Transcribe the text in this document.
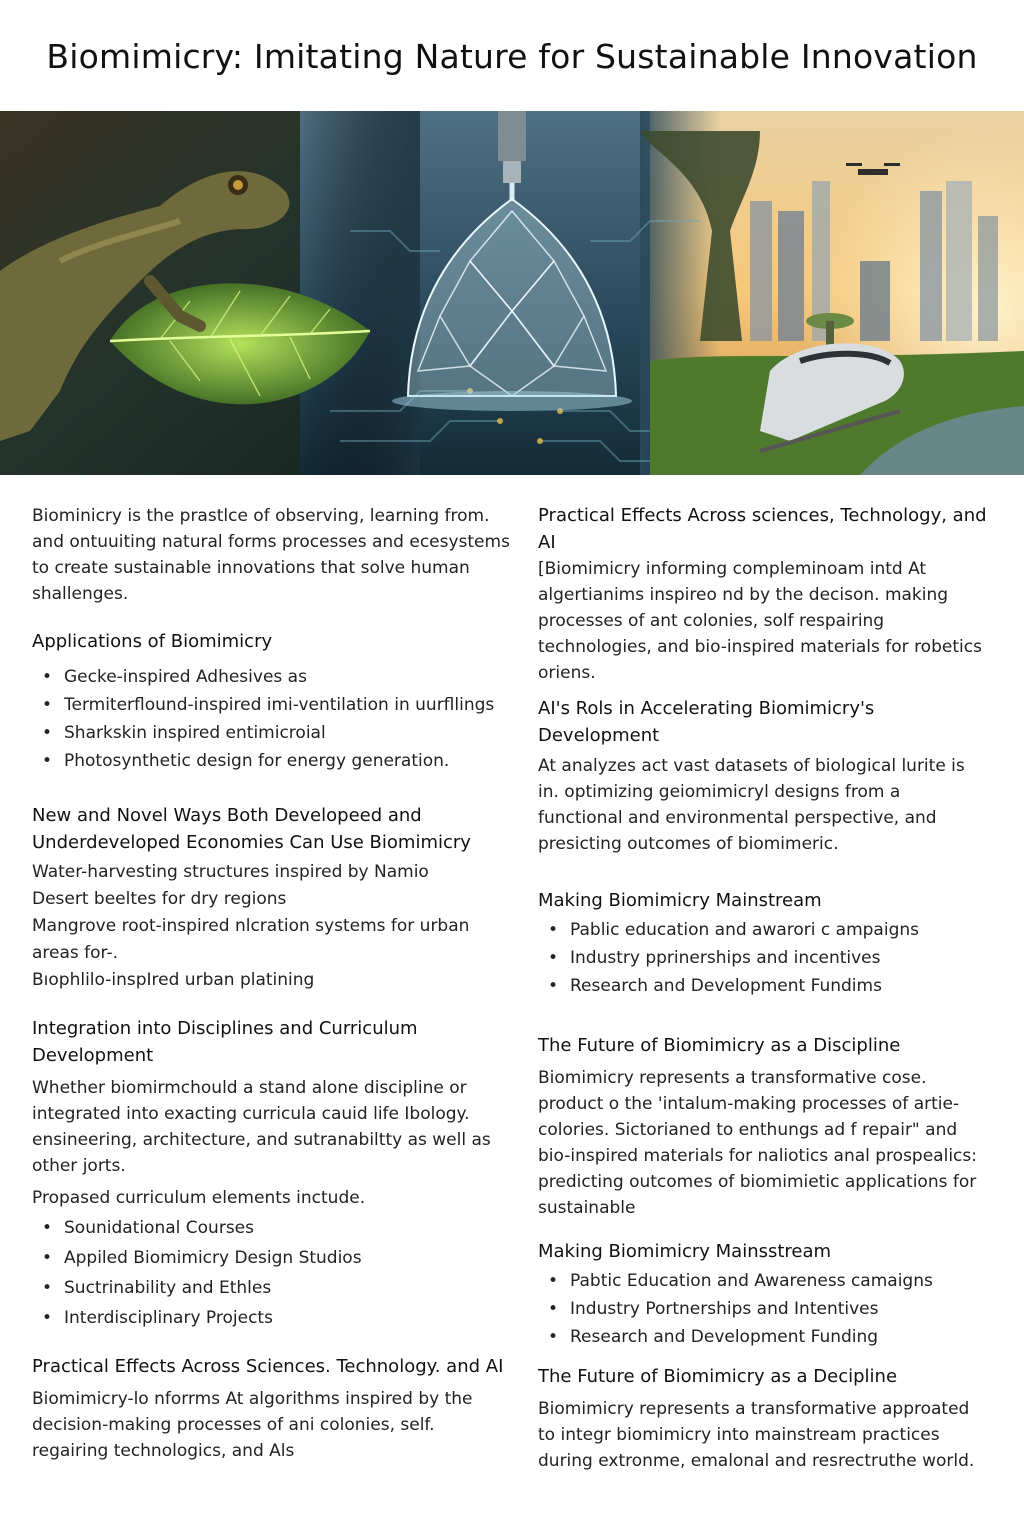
Biomimicry: Imitating Nature for Sustainable Innovation

Biominicry is the prastlce of observing, learning from. and ontuuiting natural forms processes and ecesystems to create sustainable innovations that solve human shallenges.

Applications of Biomimicry
• Gecke-inspired Adhesives as
• Termiterflound-inspired imi-ventilation in uurfllings
• Sharkskin inspired entimicroial
• Photosynthetic design for energy generation.
New and Novel Ways Both Developeed and Underdeveloped Economies Can Use Biomimicry

Water-harvesting structures inspired by Namio

Desert beeltes for dry regions

Mangrove root-inspired nlcration systems for urban areas for-.

Bıophlilo-inspIred urban platining

Integration into Disciplines and Curriculum Development

Whether biomirmchould a stand alone discipline or integrated into exacting curricula cauid life Ibology. ensineering, architecture, and sutranabiltty as well as other jorts.

Propased curriculum elements inctude.

• Sounidational Courses
• Appiled Biomimicry Design Studios
• Suctrinability and Ethles
• Interdisciplinary Projects
Practical Effects Across Sciences. Technology. and AI

Biomimicry-lo nforrms At algorithms inspired by the decision-making processes of ani colonies, self. regairing technologics, and Als

Practical Effects Across sciences, Technology, and AI

[Biomimicry informing compleminoam intd At algertianims inspireo nd by the decison. making processes of ant colonies, solf respairing technologies, and bio-inspired materials for robetics oriens.

AI's Rols in Accelerating Biomimicry's Development

At analyzes act vast datasets of biological lurite is in. optimizing geiomimicryl designs from a functional and environmental perspective, and presicting outcomes of biomimeric.

Making Biomimicry Mainstream
• Pablic education and awarori c ampaigns
• Industry pprinerships and incentives
• Research and Development Fundims
The Future of Biomimicry as a Discipline

Biomimicry represents a transformative cose. product o the 'intalum-making processes of artie-colories. Sictorianed to enthungs ad f repair" and bio-inspired materials for naliotics anal prospealics: predicting outcomes of biomimietic applications for sustainable

Making Biomimicry Mainsstream
• Pabtic Education and Awareness camaigns
• Industry Portnerships and Intentives
• Research and Development Funding
The Future of Biomimicry as a Decipline

Biomimicry represents a transformative approated to integr biomimicry into mainstream practices during extronme, emalonal and resrectruthe world.
